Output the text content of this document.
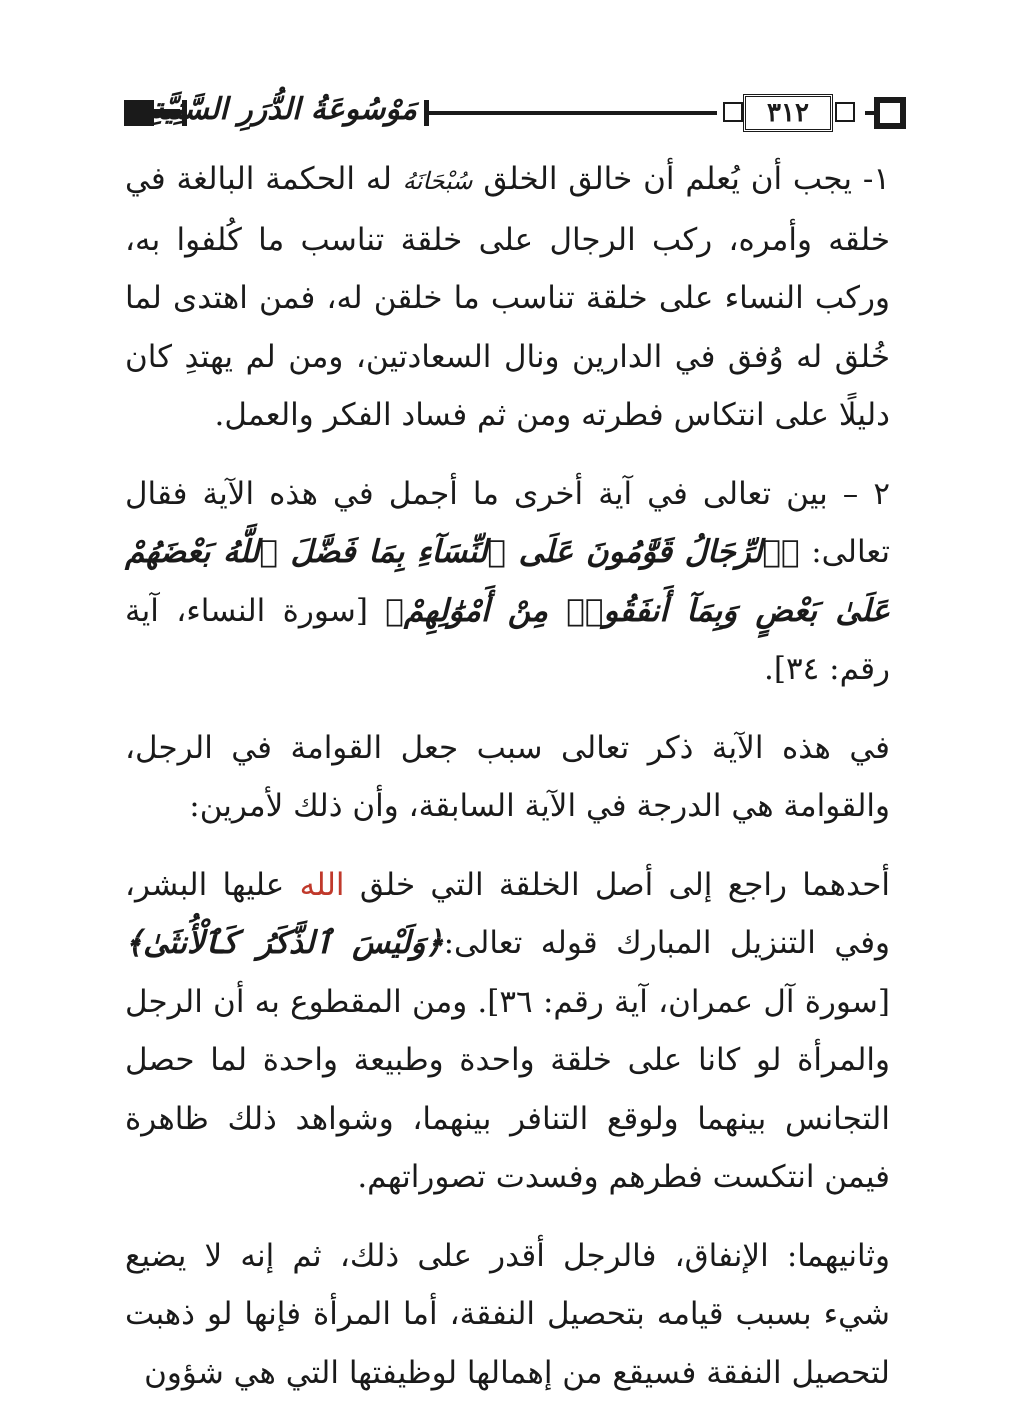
مَوْسُوعَةُ الدُّرَرِ السَّنِيَّةِ	٣١٢

١- يجب أن يُعلم أن خالق الخلق سُبْحَانَهُ له الحكمة البالغة في خلقه وأمره، ركب الرجال على خلقة تناسب ما كُلفوا به، وركب النساء على خلقة تناسب ما خلقن له، فمن اهتدى لما خُلق له وُفق في الدارين ونال السعادتين، ومن لم يهتدِ كان دليلًا على انتكاس فطرته ومن ثم فساد الفكر والعمل.

٢ – بين تعالى في آية أخرى ما أجمل في هذه الآية فقال تعالى: ﴿ٱلرِّجَالُ قَوَّٰمُونَ عَلَى ٱلنِّسَآءِ بِمَا فَضَّلَ ٱللَّهُ بَعْضَهُمْ عَلَىٰ بَعْضٍ وَبِمَآ أَنفَقُوا۟ مِنْ أَمْوَٰلِهِمْ﴾ [سورة النساء، آية رقم: ٣٤].

في هذه الآية ذكر تعالى سبب جعل القوامة في الرجل، والقوامة هي الدرجة في الآية السابقة، وأن ذلك لأمرين:

أحدهما راجع إلى أصل الخلقة التي خلق الله عليها البشر، وفي التنزيل المبارك قوله تعالى:﴿وَلَيْسَ ٱلذَّكَرُ كَٱلْأُنثَىٰ﴾ [سورة آل عمران، آية رقم: ٣٦]. ومن المقطوع به أن الرجل والمرأة لو كانا على خلقة واحدة وطبيعة واحدة لما حصل التجانس بينهما ولوقع التنافر بينهما، وشواهد ذلك ظاهرة فيمن انتكست فطرهم وفسدت تصوراتهم.

وثانيهما: الإنفاق، فالرجل أقدر على ذلك، ثم إنه لا يضيع شيء بسبب قيامه بتحصيل النفقة، أما المرأة فإنها لو ذهبت لتحصيل النفقة فسيقع من إهمالها لوظيفتها التي هي شؤون
